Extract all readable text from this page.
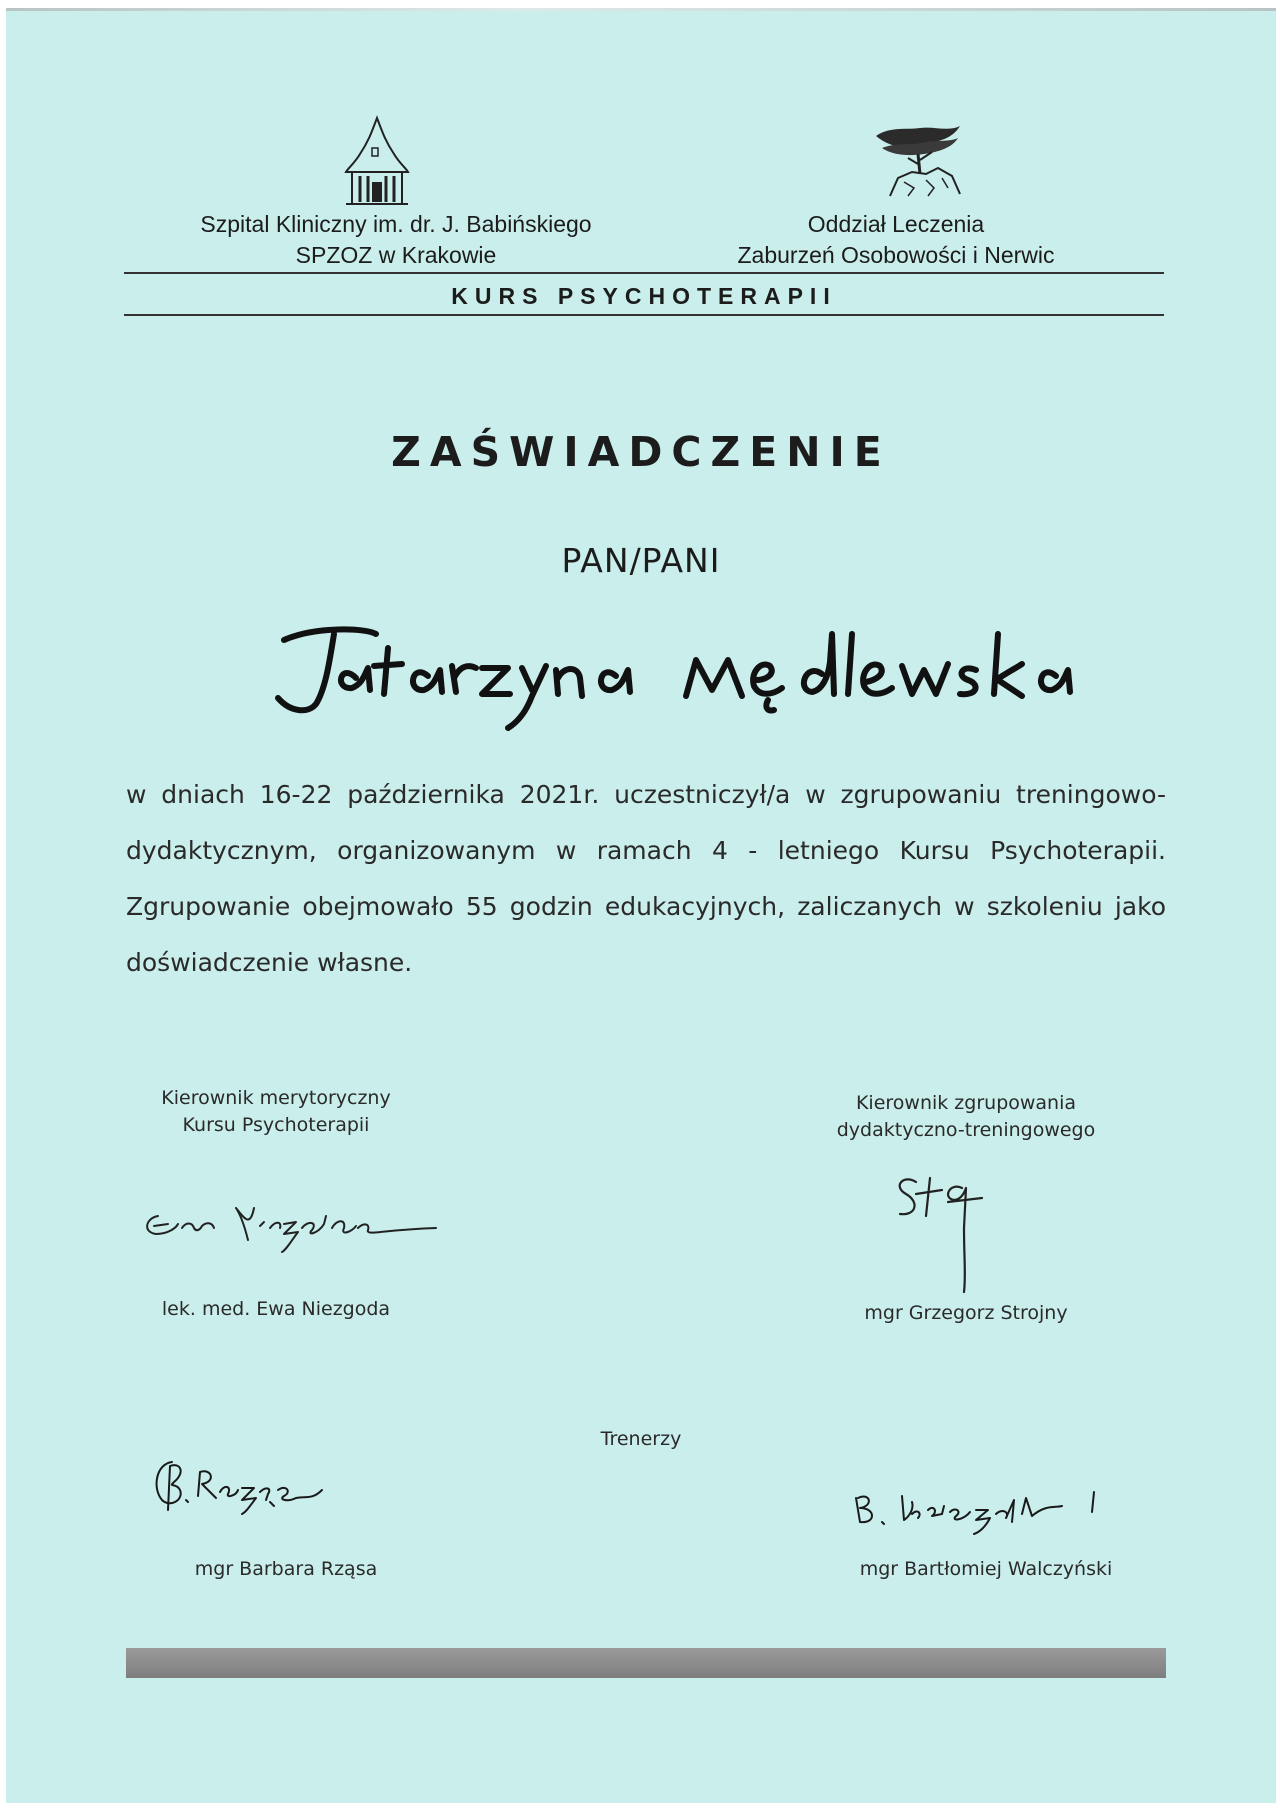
Szpital Kliniczny im. dr. J. Babińskiego
SPZOZ w Krakowie
Oddział Leczenia
Zaburzeń Osobowości i Nerwic
KURS PSYCHOTERAPII
ZAŚWIADCZENIE
PAN/PANI
w dniach 16-22 października 2021r. uczestniczył/a w zgrupowaniu treningowo-dydaktycznym, organizowanym w ramach 4 - letniego Kursu Psychoterapii. Zgrupowanie obejmowało 55 godzin edukacyjnych, zaliczanych w szkoleniu jako doświadczenie własne.
Kierownik merytoryczny
Kursu Psychoterapii
lek. med. Ewa Niezgoda
Kierownik zgrupowania
dydaktyczno-treningowego
mgr Grzegorz Strojny
Trenerzy
mgr Barbara Rząsa	mgr Bartłomiej Walczyński
